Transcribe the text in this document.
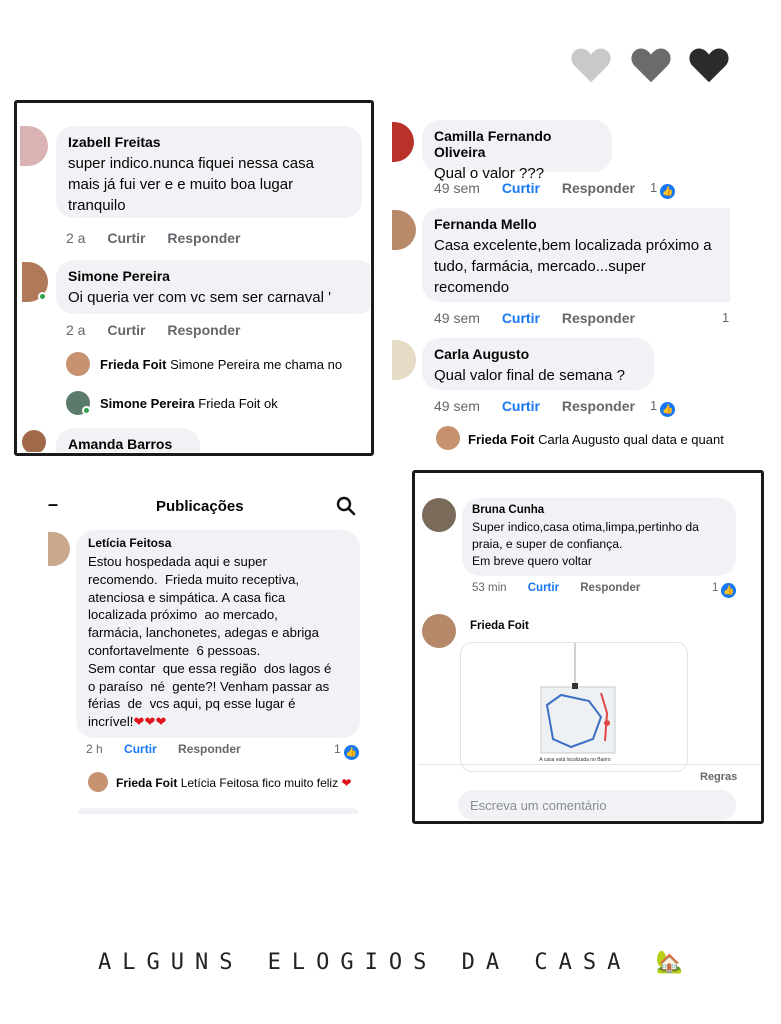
Izabell Freitas
super indico.nunca fiquei nessa casa
mais já fui ver e e muito boa lugar
tranquilo
2 a Curtir Responder
Simone Pereira
Oi queria ver com vc sem ser carnaval '
2 a Curtir Responder
Frieda Foit Simone Pereira me chama no
Simone Pereira Frieda Foit ok
Amanda Barros
Camilla Fernando Oliveira
Qual o valor ???
49 sem Curtir Responder	1 👍
Fernanda Mello
Casa excelente,bem localizada próximo a
tudo, farmácia, mercado...super
recomendo
49 sem Curtir Responder	1
Carla Augusto
Qual valor final de semana ?
49 sem Curtir Responder	1 👍
Frieda Foit Carla Augusto qual data e quant
–	Publicações
Letícia Feitosa
Estou hospedada aqui e super
recomendo.  Frieda muito receptiva,
atenciosa e simpática. A casa fica
localizada próximo  ao mercado,
farmácia, lanchonetes, adegas e abriga
confortavelmente  6 pessoas.
Sem contar  que essa região  dos lagos é
o paraíso  né  gente?! Venham passar as
férias  de  vcs aqui, pq esse lugar é
incrível!❤❤❤
2 h Curtir Responder	1 👍
Frieda Foit Letícia Feitosa fico muito feliz ❤
Bruna Cunha
Super indico,casa otima,limpa,pertinho da
praia, e super de confiança.
Em breve quero voltar
53 min Curtir Responder	1 👍
Frieda Foit
A casa está localizada no Bairro
Regras
Escreva um comentário
ALGUNS ELOGIOS DA CASA 🏡
